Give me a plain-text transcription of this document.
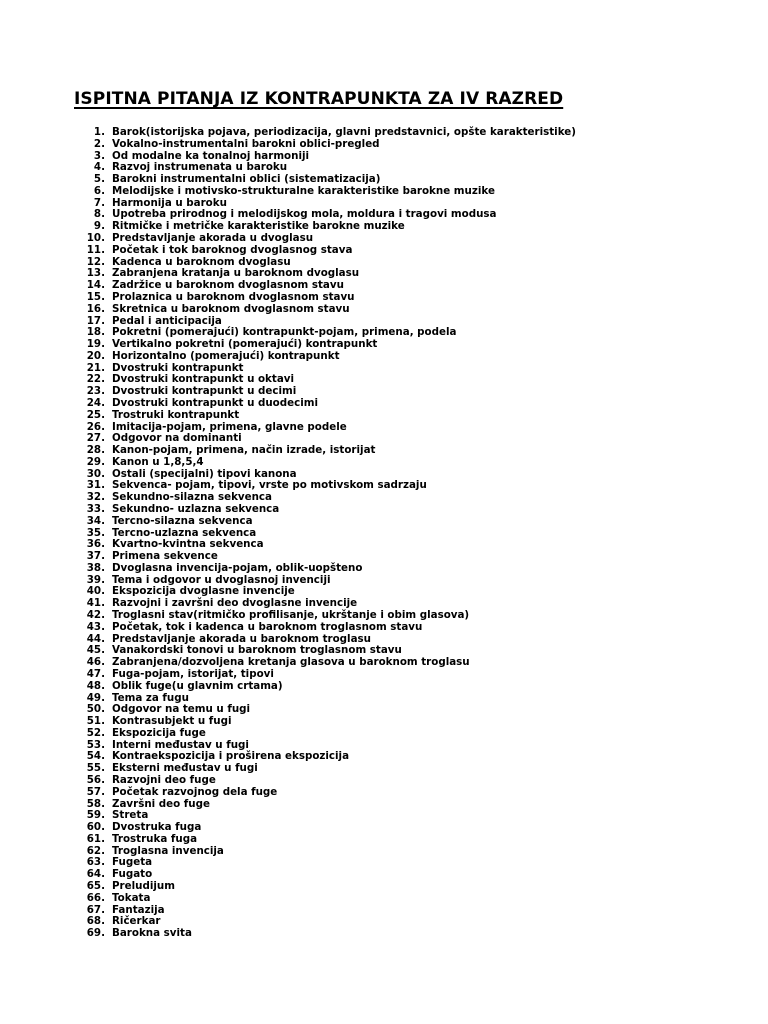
ISPITNA PITANJA IZ KONTRAPUNKTA ZA IV RAZRED
1. Barok(istorijska pojava, periodizacija, glavni predstavnici, opšte karakteristike)
2. Vokalno-instrumentalni barokni oblici-pregled
3. Od modalne ka tonalnoj harmoniji
4. Razvoj instrumenata u baroku
5. Barokni instrumentalni oblici (sistematizacija)
6. Melodijske i motivsko-strukturalne karakteristike barokne muzike
7. Harmonija u baroku
8. Upotreba prirodnog i melodijskog mola, moldura i tragovi modusa
9. Ritmičke i metričke karakteristike barokne muzike
10. Predstavljanje akorada u dvoglasu
11. Početak i tok baroknog dvoglasnog stava
12. Kadenca u baroknom dvoglasu
13. Zabranjena kratanja u baroknom dvoglasu
14. Zadržice u baroknom dvoglasnom stavu
15. Prolaznica u baroknom dvoglasnom stavu
16. Skretnica u baroknom dvoglasnom stavu
17. Pedal i anticipacija
18. Pokretni (pomerajući) kontrapunkt-pojam, primena, podela
19. Vertikalno pokretni (pomerajući) kontrapunkt
20. Horizontalno (pomerajući) kontrapunkt
21. Dvostruki kontrapunkt
22. Dvostruki kontrapunkt u oktavi
23. Dvostruki kontrapunkt u decimi
24. Dvostruki kontrapunkt u duodecimi
25. Trostruki kontrapunkt
26. Imitacija-pojam, primena, glavne podele
27. Odgovor na dominanti
28. Kanon-pojam, primena, način izrade, istorijat
29. Kanon u 1,8,5,4
30. Ostali (specijalni) tipovi kanona
31. Sekvenca- pojam, tipovi, vrste po motivskom sadrzaju
32. Sekundno-silazna sekvenca
33. Sekundno- uzlazna sekvenca
34. Tercno-silazna sekvenca
35. Tercno-uzlazna sekvenca
36. Kvartno-kvintna sekvenca
37. Primena sekvence
38. Dvoglasna invencija-pojam, oblik-uopšteno
39. Tema i odgovor u dvoglasnoj invenciji
40. Ekspozicija dvoglasne invencije
41. Razvojni i završni deo dvoglasne invencije
42. Troglasni stav(ritmičko profilisanje, ukrštanje i obim glasova)
43. Početak, tok i kadenca u baroknom troglasnom stavu
44. Predstavljanje akorada u baroknom troglasu
45. Vanakordski tonovi u baroknom troglasnom stavu
46. Zabranjena/dozvoljena kretanja glasova u baroknom troglasu
47. Fuga-pojam, istorijat, tipovi
48. Oblik fuge(u glavnim crtama)
49. Tema za fugu
50. Odgovor na temu u fugi
51. Kontrasubjekt u fugi
52. Ekspozicija fuge
53. Interni međustav u fugi
54. Kontraekspozicija i proširena ekspozicija
55. Eksterni međustav u fugi
56. Razvojni deo fuge
57. Početak razvojnog dela fuge
58. Završni deo fuge
59. Streta
60. Dvostruka fuga
61. Trostruka fuga
62. Troglasna invencija
63. Fugeta
64. Fugato
65. Preludijum
66. Tokata
67. Fantazija
68. Ričerkar
69. Barokna svita
